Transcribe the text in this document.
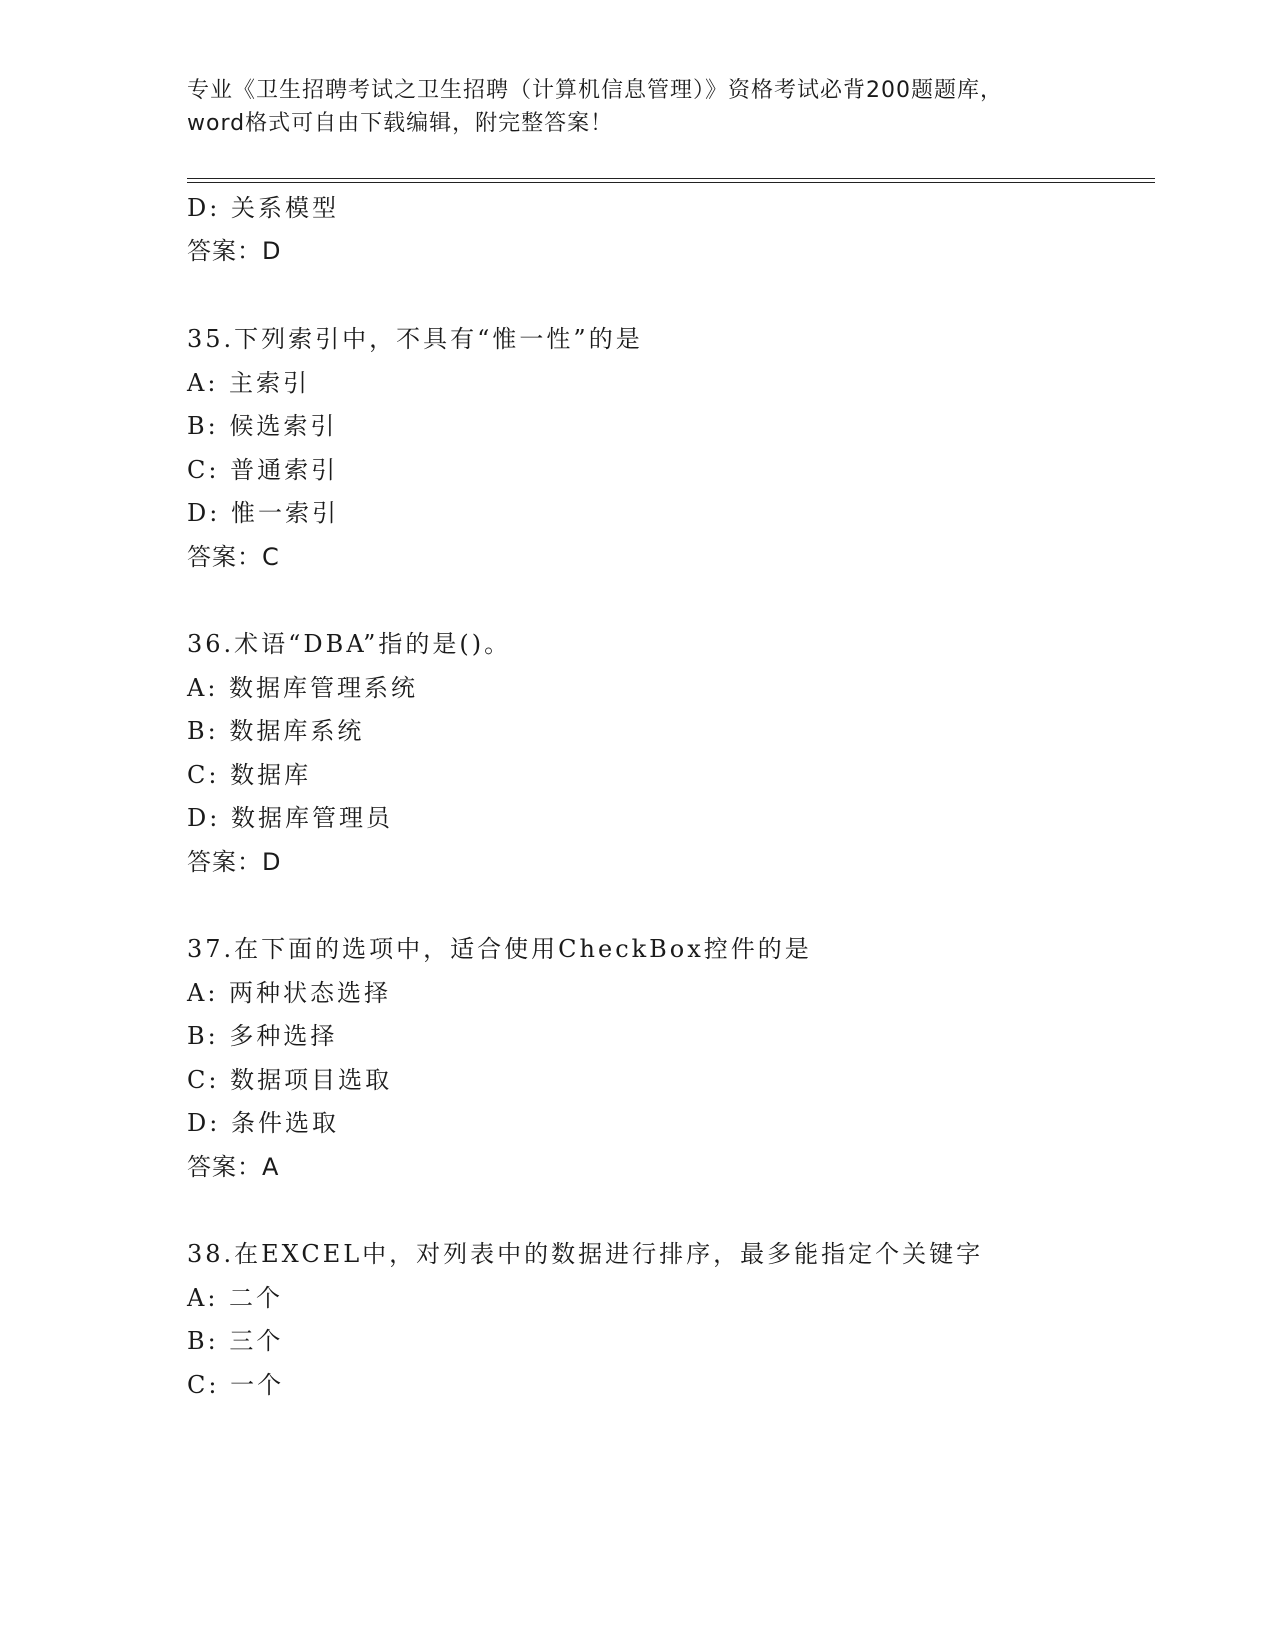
专业《卫生招聘考试之卫生招聘（计算机信息管理）》资格考试必背200题题库，
word格式可自由下载编辑，附完整答案！
D: 关系模型
答案：D
35.下列索引中，不具有“惟一性”的是
A: 主索引
B: 候选索引
C: 普通索引
D: 惟一索引
答案：C
36.术语“DBA”指的是()。
A: 数据库管理系统
B: 数据库系统
C: 数据库
D: 数据库管理员
答案：D
37.在下面的选项中，适合使用CheckBox控件的是
A: 两种状态选择
B: 多种选择
C: 数据项目选取
D: 条件选取
答案：A
38.在EXCEL中，对列表中的数据进行排序，最多能指定个关键字
A: 二个
B: 三个
C: 一个
